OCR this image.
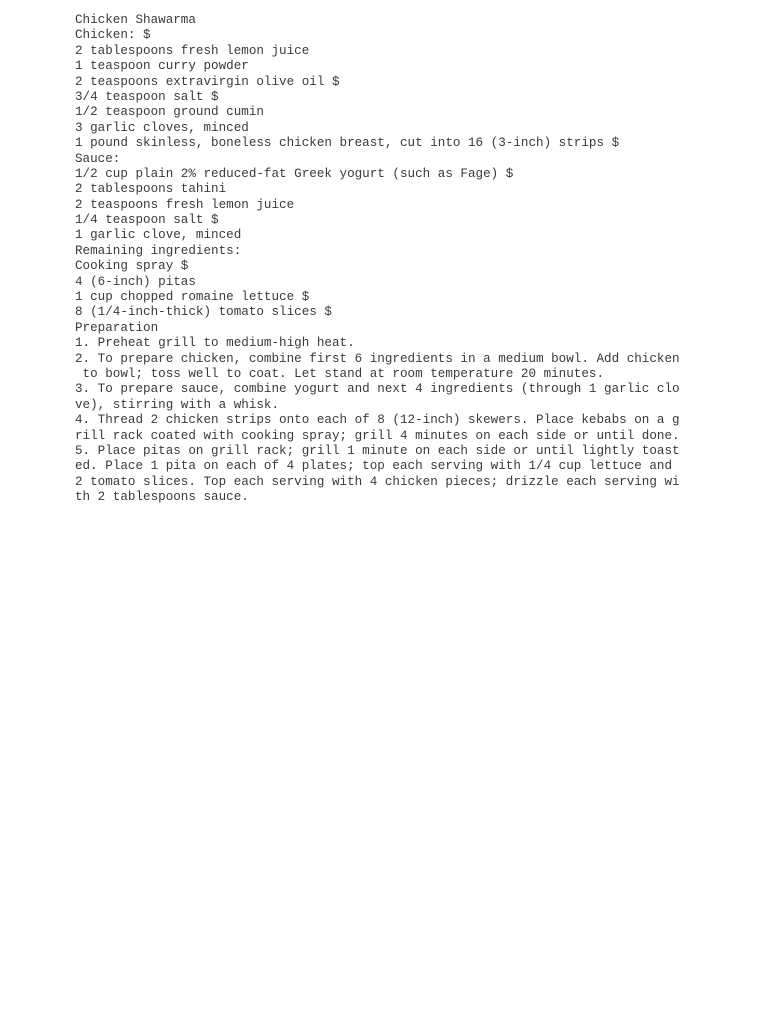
Chicken Shawarma
Chicken: $
2 tablespoons fresh lemon juice
1 teaspoon curry powder
2 teaspoons extravirgin olive oil $
3/4 teaspoon salt $
1/2 teaspoon ground cumin
3 garlic cloves, minced
1 pound skinless, boneless chicken breast, cut into 16 (3-inch) strips $
Sauce:
1/2 cup plain 2% reduced-fat Greek yogurt (such as Fage) $
2 tablespoons tahini
2 teaspoons fresh lemon juice
1/4 teaspoon salt $
1 garlic clove, minced
Remaining ingredients:
Cooking spray $
4 (6-inch) pitas
1 cup chopped romaine lettuce $
8 (1/4-inch-thick) tomato slices $
Preparation
1. Preheat grill to medium-high heat.
2. To prepare chicken, combine first 6 ingredients in a medium bowl. Add chicken
to bowl; toss well to coat. Let stand at room temperature 20 minutes.
3. To prepare sauce, combine yogurt and next 4 ingredients (through 1 garlic clo
ve), stirring with a whisk.
4. Thread 2 chicken strips onto each of 8 (12-inch) skewers. Place kebabs on a g
rill rack coated with cooking spray; grill 4 minutes on each side or until done.
5. Place pitas on grill rack; grill 1 minute on each side or until lightly toast
ed. Place 1 pita on each of 4 plates; top each serving with 1/4 cup lettuce and
2 tomato slices. Top each serving with 4 chicken pieces; drizzle each serving wi
th 2 tablespoons sauce.
